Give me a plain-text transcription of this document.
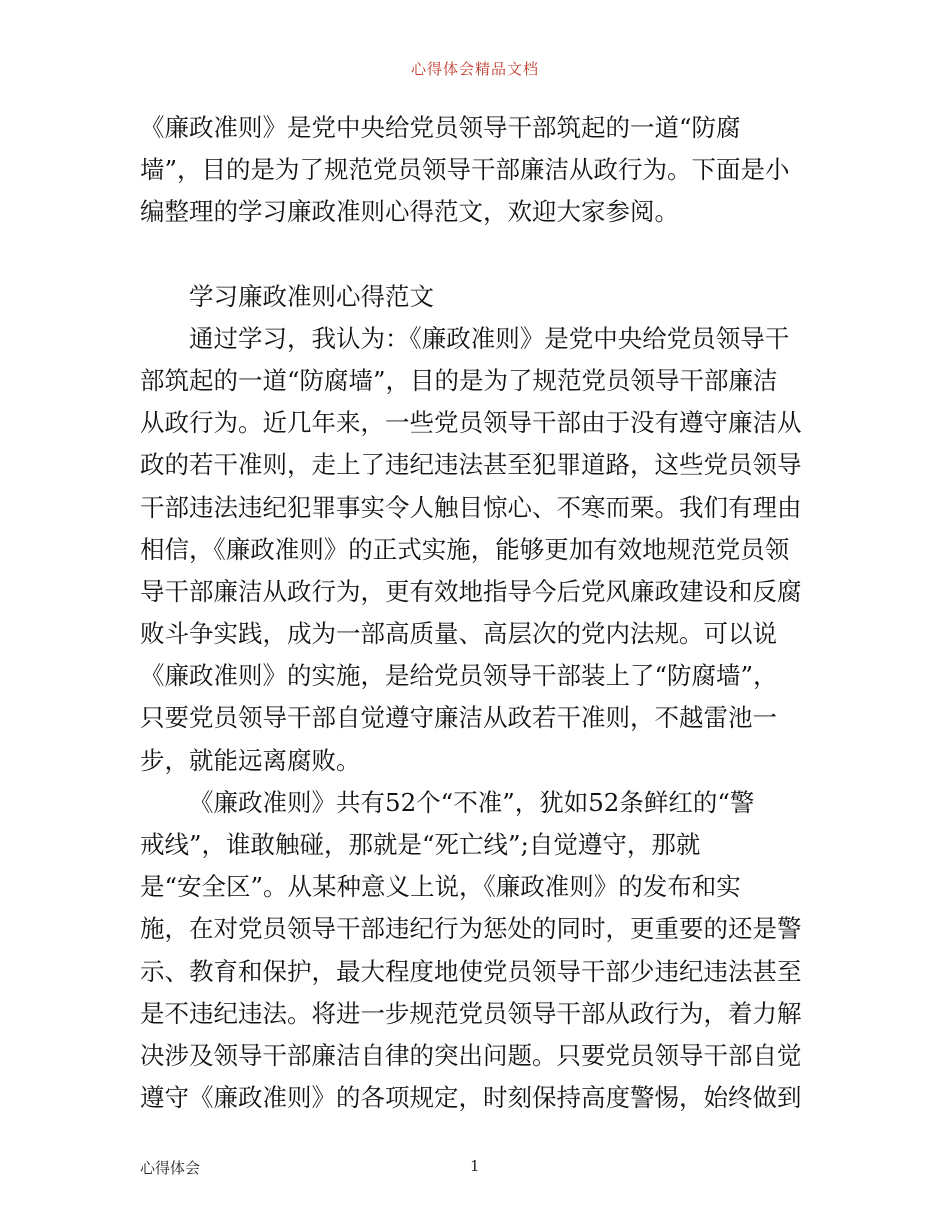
心得体会精品文档
《廉政准则》是党中央给党员领导干部筑起的一道“防腐
墙”，目的是为了规范党员领导干部廉洁从政行为。下面是小
编整理的学习廉政准则心得范文，欢迎大家参阅。
学习廉政准则心得范文
通过学习，我认为：《廉政准则》是党中央给党员领导干
部筑起的一道“防腐墙”，目的是为了规范党员领导干部廉洁
从政行为。近几年来，一些党员领导干部由于没有遵守廉洁从
政的若干准则，走上了违纪违法甚至犯罪道路，这些党员领导
干部违法违纪犯罪事实令人触目惊心、不寒而栗。我们有理由
相信，《廉政准则》的正式实施，能够更加有效地规范党员领
导干部廉洁从政行为，更有效地指导今后党风廉政建设和反腐
败斗争实践，成为一部高质量、高层次的党内法规。可以说
《廉政准则》的实施，是给党员领导干部装上了“防腐墙”，
只要党员领导干部自觉遵守廉洁从政若干准则，不越雷池一
步，就能远离腐败。
《廉政准则》共有52个“不准”，犹如52条鲜红的“警
戒线”，谁敢触碰，那就是“死亡线”;自觉遵守，那就
是“安全区”。从某种意义上说，《廉政准则》的发布和实
施，在对党员领导干部违纪行为惩处的同时，更重要的还是警
示、教育和保护，最大程度地使党员领导干部少违纪违法甚至
是不违纪违法。将进一步规范党员领导干部从政行为，着力解
决涉及领导干部廉洁自律的突出问题。只要党员领导干部自觉
遵守《廉政准则》的各项规定，时刻保持高度警惕，始终做到
心得体会	1
